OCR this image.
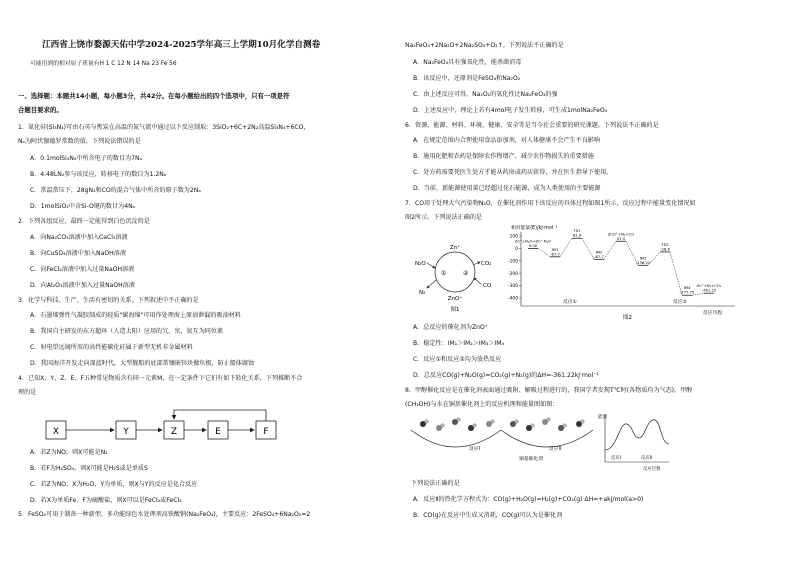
江西省上饶市婺源天佑中学2024-2025学年高三上学期10月化学自测卷
可能用到的相对原子质量有H 1 C 12 N 14 Na 23 Fe 56
一、选择题：本题共14小题，每小题3分，共42分。在每小题给出的四个选项中，只有一项是符
合题目要求的。
1．氮化硅(Si₃N₄)可由石英与焦炭在高温的氮气流中通过以下反应制取：3SiO₂+6C+2N₂高温Si₃N₄+6CO，
Nₐ为阿伏伽德罗常数的值，下列说法错误的是
A．0.1molSi₃N₄中所含电子的数目为7Nₐ
B．4.48LN₂参与该反应，转移电子的数目为1.2Nₐ
C．常温常压下，28gN₂和CO的混合气体中所含的原子数为2Nₐ
D．1molSiO₂中含Si-O键的数目为4Nₐ
2．下列各组反应，最终一定能得到白色沉淀的是
A．向Na₂CO₃溶液中加入CaCl₂溶液
B．向CuSO₄溶液中加入NaOH溶液
C．向FeCl₂溶液中加入过量NaOH溶液
D．向Al₂O₃溶液中加入过量NaOH溶液
3．化学与科技、生产、生活有密切的关系。下列叙述中不正确的是
A．石墨烯弹性气凝胶制成的轻质"碳海绵"可用作处理海上原油泄漏的吸油材料
B．我国自主研发的东方超环（人造太阳）应用的氕、氘、氚互为同位素
C．射电望远镜所用的高性能碳化硅属于新型无机非金属材料
D．我国海洋开发走向深蓝时代，大型舰船的底部常镶嵌锌块做负极，防止船体腐蚀
4．已知X、Y、Z、E、F五种常见物质含有同一元素M，在一定条件下它们有如下转化关系，下列推断不合
理的是
X	Y	Z	E	F
A．若Z为NO，则X可能是N₂
B．若F为H₂SO₄，则X可能是H₂S或是单质S
C．若Z为NO、X为H₂O、Y为单质，则X与Y的反应是化合反应
D．若X为单质Fe，F为硫酸盐，则X可以是FeCl₂或FeCl₃
5．FeSO₄可用于制备一种新型、多功能绿色水处理剂高铁酸钠(Na₂FeO₄)，主要反应：2FeSO₄+6Na₂O₂=2
Na₂FeO₄+2Na₂O+2Na₂SO₄+O₂↑。下列说法不正确的是
A．Na₂FeO₄具有强氧化性，能杀菌消毒
B．该反应中，还原剂是FeSO₄和Na₂O₂
C．由上述反应可得，Na₂O₂的氧化性比Na₂FeO₄的强
D．上述反应中，理论上若有4mol电子发生转移，可生成1molNa₂FeO₄
6．资源、能源、材料、环境、健康、安全等是当今社会重要的研究课题。下列说法不正确的是
A．在规定范围内合理使用食品添加剂，对人体健康不会产生不良影响
B．施用化肥和农药是保障农作物增产、减少农作物损失的重要措施
C．处方药需要凭医生处方才能从药房或药店获得，并在医生指导下使用。
D．当前，新能源使用量已经超过化石能源，成为人类使用的主要能源
7．CO用于处理大气污染物N₂O，在催化剂作用下该反应的具体过程如图1所示，反应过程中能量变化情况如
图2所示。下列说法正确的是
Zn⁺
ZnO⁺
N₂O
N₂
CO₂
CO
①	②
图1
相对能量(E)/kJ·mol⁻¹
100
0
-100
-200
-300
-400
Zn⁺+N₂O→Zn⁺·N₂O
0.00
IM1
-67.7
TS1
81.9
IM2
-87.7
ZnO⁺+N₂+CO
57.5
IM3
-136.22
TS2
-28.6
IM4
-377.75
Zn⁺+N₂+CO₂
-361.22
反应①	反应②
反应历程
图2
A．总反应的催化剂为ZnO⁺
B．稳定性：IM₁＞IM₂＞IM₃＞IM₄
C．反应①和反应②均为放热反应
D．总反应CO(g)+N₂O(g)=CO₂(g)+N₂(g)的ΔH=-361.22kJ·mol⁻¹
8．甲醇催化反应是在催化剂表面通过吸附、解吸过程进行的，我国学者发现T℃时(各物质均为气态)，甲醇
(CH₃OH)与水在铜基催化剂上的反应机理和能量图如图：
铜基催化剂
反应Ⅰ	反应Ⅱ
能量
反应Ⅰ	反应Ⅱ
反应过程
下列说法正确的是
A．反应Ⅱ的热化学方程式为：CO(g)+H₂O(g)=H₂(g)+CO₂(g) ΔH=+akJ/mol(a>0)
B．CO(g)在反应中生成又消耗，CO(g)可认为是催化剂
